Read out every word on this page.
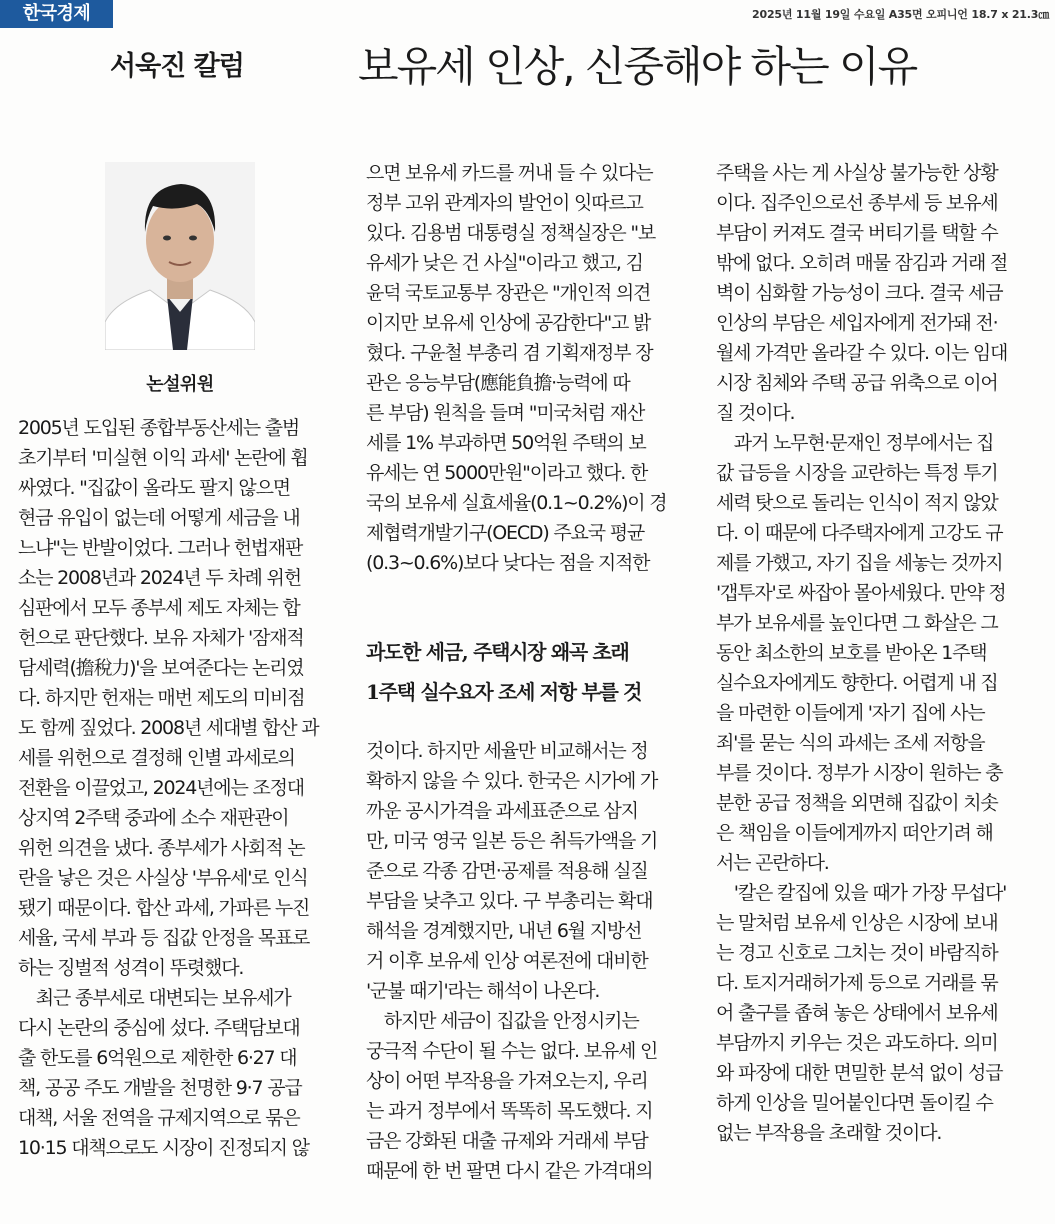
한국경제	2025년 11월 19일 수요일 A35면 오피니언 18.7 x 21.3㎝
서욱진 칼럼	보유세 인상, 신중해야 하는 이유
논설위원

2005년 도입된 종합부동산세는 출범

초기부터 '미실현 이익 과세' 논란에 휩

싸였다. "집값이 올라도 팔지 않으면

현금 유입이 없는데 어떻게 세금을 내

느냐"는 반발이었다. 그러나 헌법재판

소는 2008년과 2024년 두 차례 위헌

심판에서 모두 종부세 제도 자체는 합

헌으로 판단했다. 보유 자체가 '잠재적

담세력(擔稅力)'을 보여준다는 논리였

다. 하지만 헌재는 매번 제도의 미비점

도 함께 짚었다. 2008년 세대별 합산 과

세를 위헌으로 결정해 인별 과세로의

전환을 이끌었고, 2024년에는 조정대

상지역 2주택 중과에 소수 재판관이

위헌 의견을 냈다. 종부세가 사회적 논

란을 낳은 것은 사실상 '부유세'로 인식

됐기 때문이다. 합산 과세, 가파른 누진

세율, 국세 부과 등 집값 안정을 목표로

하는 징벌적 성격이 뚜렷했다.

　최근 종부세로 대변되는 보유세가

다시 논란의 중심에 섰다. 주택담보대

출 한도를 6억원으로 제한한 6·27 대

책, 공공 주도 개발을 천명한 9·7 공급

대책, 서울 전역을 규제지역으로 묶은

10·15 대책으로도 시장이 진정되지 않

으면 보유세 카드를 꺼내 들 수 있다는

정부 고위 관계자의 발언이 잇따르고

있다. 김용범 대통령실 정책실장은 "보

유세가 낮은 건 사실"이라고 했고, 김

윤덕 국토교통부 장관은 "개인적 의견

이지만 보유세 인상에 공감한다"고 밝

혔다. 구윤철 부총리 겸 기획재정부 장

관은 응능부담(應能負擔·능력에 따

른 부담) 원칙을 들며 "미국처럼 재산

세를 1% 부과하면 50억원 주택의 보

유세는 연 5000만원"이라고 했다. 한

국의 보유세 실효세율(0.1~0.2%)이 경

제협력개발기구(OECD) 주요국 평균

(0.3~0.6%)보다 낮다는 점을 지적한

과도한 세금, 주택시장 왜곡 초래

1주택 실수요자 조세 저항 부를 것

것이다. 하지만 세율만 비교해서는 정

확하지 않을 수 있다. 한국은 시가에 가

까운 공시가격을 과세표준으로 삼지

만, 미국 영국 일본 등은 취득가액을 기

준으로 각종 감면·공제를 적용해 실질

부담을 낮추고 있다. 구 부총리는 확대

해석을 경계했지만, 내년 6월 지방선

거 이후 보유세 인상 여론전에 대비한

'군불 때기'라는 해석이 나온다.

　하지만 세금이 집값을 안정시키는

궁극적 수단이 될 수는 없다. 보유세 인

상이 어떤 부작용을 가져오는지, 우리

는 과거 정부에서 똑똑히 목도했다. 지

금은 강화된 대출 규제와 거래세 부담

때문에 한 번 팔면 다시 같은 가격대의

주택을 사는 게 사실상 불가능한 상황

이다. 집주인으로선 종부세 등 보유세

부담이 커져도 결국 버티기를 택할 수

밖에 없다. 오히려 매물 잠김과 거래 절

벽이 심화할 가능성이 크다. 결국 세금

인상의 부담은 세입자에게 전가돼 전·

월세 가격만 올라갈 수 있다. 이는 임대

시장 침체와 주택 공급 위축으로 이어

질 것이다.

　과거 노무현·문재인 정부에서는 집

값 급등을 시장을 교란하는 특정 투기

세력 탓으로 돌리는 인식이 적지 않았

다. 이 때문에 다주택자에게 고강도 규

제를 가했고, 자기 집을 세놓는 것까지

'갭투자'로 싸잡아 몰아세웠다. 만약 정

부가 보유세를 높인다면 그 화살은 그

동안 최소한의 보호를 받아온 1주택

실수요자에게도 향한다. 어렵게 내 집

을 마련한 이들에게 '자기 집에 사는

죄'를 묻는 식의 과세는 조세 저항을

부를 것이다. 정부가 시장이 원하는 충

분한 공급 정책을 외면해 집값이 치솟

은 책임을 이들에게까지 떠안기려 해

서는 곤란하다.

　'칼은 칼집에 있을 때가 가장 무섭다'

는 말처럼 보유세 인상은 시장에 보내

는 경고 신호로 그치는 것이 바람직하

다. 토지거래허가제 등으로 거래를 묶

어 출구를 좁혀 놓은 상태에서 보유세

부담까지 키우는 것은 과도하다. 의미

와 파장에 대한 면밀한 분석 없이 성급

하게 인상을 밀어붙인다면 돌이킬 수

없는 부작용을 초래할 것이다.
